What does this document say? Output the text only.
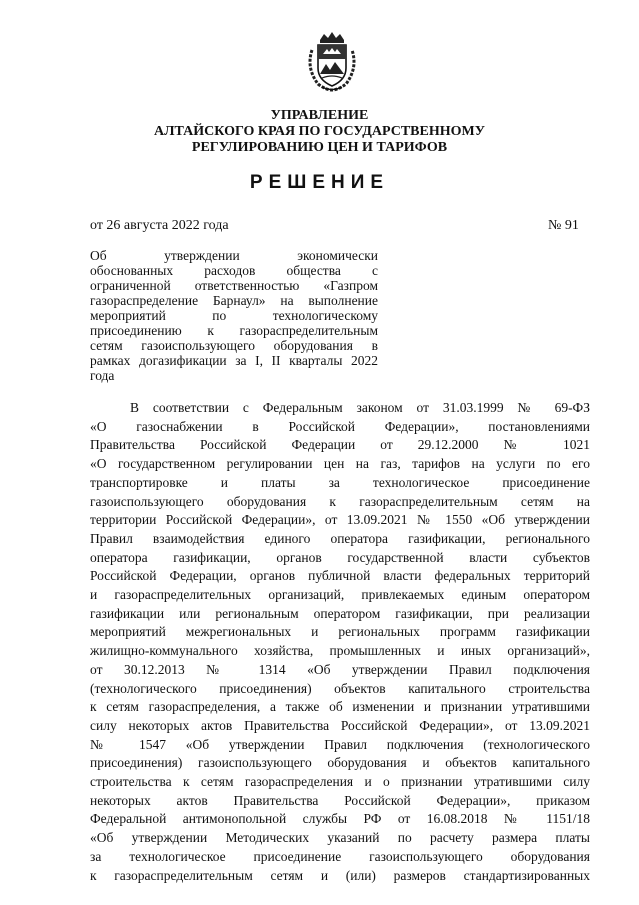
УПРАВЛЕНИЕ
АЛТАЙСКОГО КРАЯ ПО ГОСУДАРСТВЕННОМУ
РЕГУЛИРОВАНИЮ ЦЕН И ТАРИФОВ
РЕШЕНИЕ
от 26 августа 2022 года	№ 91
Об утверждении экономически
обоснованных расходов общества с
ограниченной ответственностью «Газпром
газораспределение Барнаул» на выполнение
мероприятий по технологическому
присоединению к газораспределительным
сетям газоиспользующего оборудования в
рамках догазификации за I, II кварталы 2022
года
В соответствии с Федеральным законом от 31.03.1999 № 69-ФЗ
«О газоснабжении в Российской Федерации», постановлениями
Правительства Российской Федерации от 29.12.2000 № 1021
«О государственном регулировании цен на газ, тарифов на услуги по его
транспортировке и платы за технологическое присоединение
газоиспользующего оборудования к газораспределительным сетям на
территории Российской Федерации», от 13.09.2021 № 1550 «Об утверждении
Правил взаимодействия единого оператора газификации, регионального
оператора газификации, органов государственной власти субъектов
Российской Федерации, органов публичной власти федеральных территорий
и газораспределительных организаций, привлекаемых единым оператором
газификации или региональным оператором газификации, при реализации
мероприятий межрегиональных и региональных программ газификации
жилищно-коммунального хозяйства, промышленных и иных организаций»,
от 30.12.2013 № 1314 «Об утверждении Правил подключения
(технологического присоединения) объектов капитального строительства
к сетям газораспределения, а также об изменении и признании утратившими
силу некоторых актов Правительства Российской Федерации», от 13.09.2021
№ 1547 «Об утверждении Правил подключения (технологического
присоединения) газоиспользующего оборудования и объектов капитального
строительства к сетям газораспределения и о признании утратившими силу
некоторых актов Правительства Российской Федерации», приказом
Федеральной антимонопольной службы РФ от 16.08.2018 № 1151/18
«Об утверждении Методических указаний по расчету размера платы
за технологическое присоединение газоиспользующего оборудования
к газораспределительным сетям и (или) размеров стандартизированных
